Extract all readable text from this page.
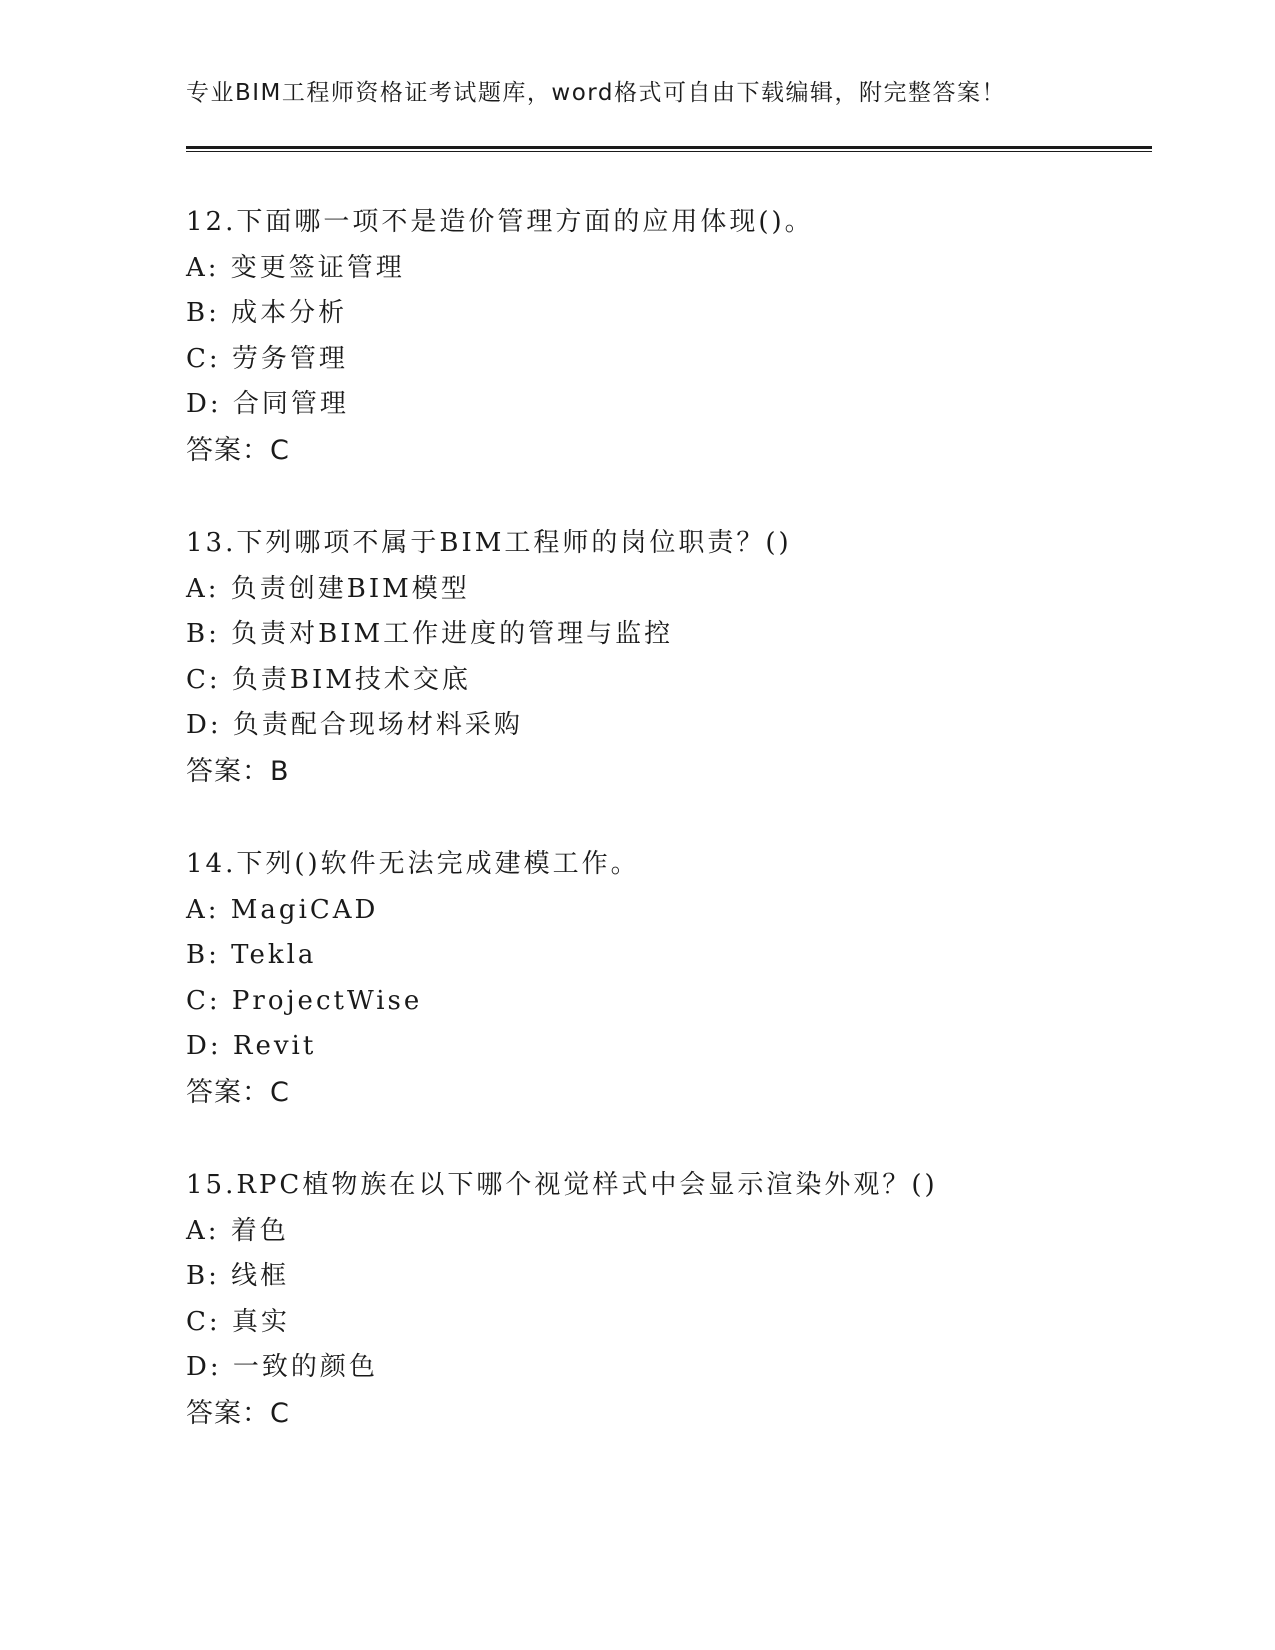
专业BIM工程师资格证考试题库，word格式可自由下载编辑，附完整答案！
12.下面哪一项不是造价管理方面的应用体现()。
A: 变更签证管理
B: 成本分析
C: 劳务管理
D: 合同管理
答案：C
13.下列哪项不属于BIM工程师的岗位职责？()
A: 负责创建BIM模型
B: 负责对BIM工作进度的管理与监控
C: 负责BIM技术交底
D: 负责配合现场材料采购
答案：B
14.下列()软件无法完成建模工作。
A: MagiCAD
B: Tekla
C: ProjectWise
D: Revit
答案：C
15.RPC植物族在以下哪个视觉样式中会显示渲染外观？()
A: 着色
B: 线框
C: 真实
D: 一致的颜色
答案：C
